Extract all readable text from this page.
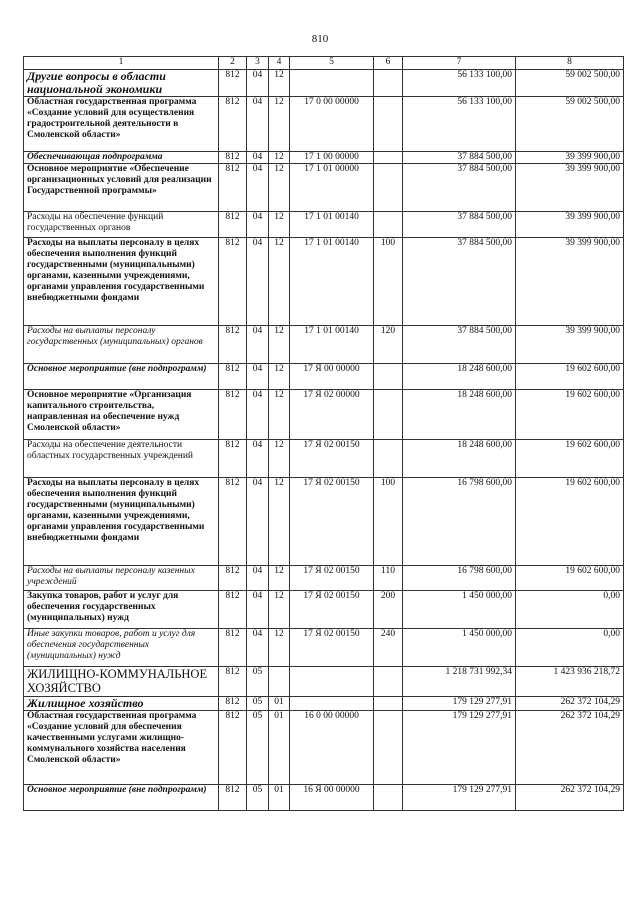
810
1	2	3	4	5	6	7	8
Другие вопросы в области национальной экономики	812	04	12			56 133 100,00	59 002 500,00
Областная государственная программа «Создание условий для осуществления градостроительной деятельности в Смоленской области»	812	04	12	17 0 00 00000		56 133 100,00	59 002 500,00
Обеспечивающая подпрограмма	812	04	12	17 1 00 00000		37 884 500,00	39 399 900,00
Основное мероприятие «Обеспечение организационных условий для реализации Государственной программы»	812	04	12	17 1 01 00000		37 884 500,00	39 399 900,00
Расходы на обеспечение функций государственных органов	812	04	12	17 1 01 00140		37 884 500,00	39 399 900,00
Расходы на выплаты персоналу в целях обеспечения выполнения функций государственными (муниципальными) органами, казенными учреждениями, органами управления государственными внебюджетными фондами	812	04	12	17 1 01 00140	100	37 884 500,00	39 399 900,00
Расходы на выплаты персоналу государственных (муниципальных) органов	812	04	12	17 1 01 00140	120	37 884 500,00	39 399 900,00
Основное мероприятие (вне подпрограмм)	812	04	12	17 Я 00 00000		18 248 600,00	19 602 600,00
Основное мероприятие «Организация капитального строительства, направленная на обеспечение нужд Смоленской области»	812	04	12	17 Я 02 00000		18 248 600,00	19 602 600,00
Расходы на обеспечение деятельности областных государственных учреждений	812	04	12	17 Я 02 00150		18 248 600,00	19 602 600,00
Расходы на выплаты персоналу в целях обеспечения выполнения функций государственными (муниципальными) органами, казенными учреждениями, органами управления государственными внебюджетными фондами	812	04	12	17 Я 02 00150	100	16 798 600,00	19 602 600,00
Расходы на выплаты персоналу казенных учреждений	812	04	12	17 Я 02 00150	110	16 798 600,00	19 602 600,00
Закупка товаров, работ и услуг для обеспечения государственных (муниципальных) нужд	812	04	12	17 Я 02 00150	200	1 450 000,00	0,00
Иные закупки товаров, работ и услуг для обеспечения государственных (муниципальных) нужд	812	04	12	17 Я 02 00150	240	1 450 000,00	0,00
ЖИЛИЩНО-КОММУНАЛЬНОЕ ХОЗЯЙСТВО	812	05				1 218 731 992,34	1 423 936 218,72
Жилищное хозяйство	812	05	01			179 129 277,91	262 372 104,29
Областная государственная программа «Создание условий для обеспечения качественными услугами жилищно-коммунального хозяйства населения Смоленской области»	812	05	01	16 0 00 00000		179 129 277,91	262 372 104,29
Основное мероприятие (вне подпрограмм)	812	05	01	16 Я 00 00000		179 129 277,91	262 372 104,29
